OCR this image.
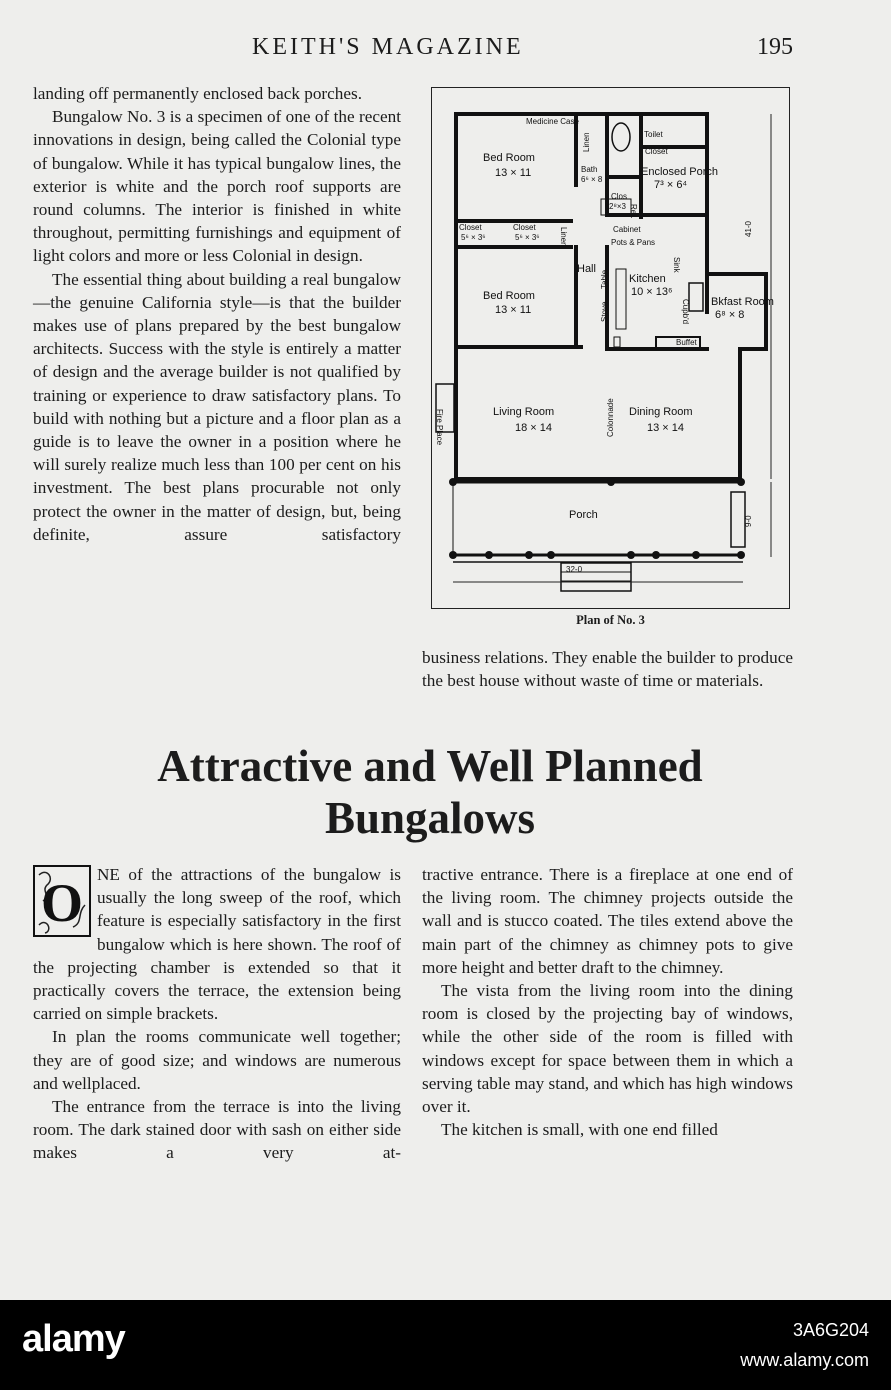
KEITH'S MAGAZINE	195

landing off permanently enclosed back porches.

Bungalow No. 3 is a specimen of one of the recent innovations in design, being called the Colonial type of bungalow. While it has typical bungalow lines, the exterior is white and the porch roof supports are round columns. The interior is finished in white throughout, permitting furnishings and equipment of light colors and more or less Colonial in design.

The essential thing about building a real bungalow—the genuine California style—is that the builder makes use of plans prepared by the best bungalow architects. Success with the style is entirely a matter of design and the average builder is not qualified by training or experience to draw satisfactory plans. To build with nothing but a picture and a floor plan as a guide is to leave the owner in a position where he will surely realize much less than 100 per cent on his investment. The best plans procurable not only protect the owner in the matter of design, but, being definite, assure satisfactory

Bed Room
13 × 11
Bed Room
13 × 11
Living Room
18 × 14
Dining Room
13 × 14
Porch
Kitchen
10 × 13⁶
Enclosed Porch
7³ × 6⁴
Bkfast Room
6⁸ × 8
Hall
Bath
6⁶ × 8
Medicine Case
Clos
2⁸×3
Closet
5⁶ × 3⁶
Closet
5⁶ × 3⁶
Cabinet
Pots & Pans
Buffet
Toilet
Closet
32-0
Ref.
Sink
Fire Place
Stove
Table
Cupb'd
Linen
Linen
Colonnade
41-0
9-0
Plan of No. 3

business relations. They enable the builder to produce the best house without waste of time or materials.

Attractive and Well Planned
Bungalows
O NE of the attractions of the bungalow is usually the long sweep of the roof, which feature is especially satisfactory in the first bungalow which is here shown. The roof of the projecting chamber is extended so that it practically covers the terrace, the extension being carried on simple brackets.

In plan the rooms communicate well together; they are of good size; and windows are numerous and wellplaced.

The entrance from the terrace is into the living room. The dark stained door with sash on either side makes a very at-

tractive entrance. There is a fireplace at one end of the living room. The chimney projects outside the wall and is stucco coated. The tiles extend above the main part of the chimney as chimney pots to give more height and better draft to the chimney.

The vista from the living room into the dining room is closed by the projecting bay of windows, while the other side of the room is filled with windows except for space between them in which a serving table may stand, and which has high windows over it.

The kitchen is small, with one end filled

alamy	3A6G204
www.alamy.com
